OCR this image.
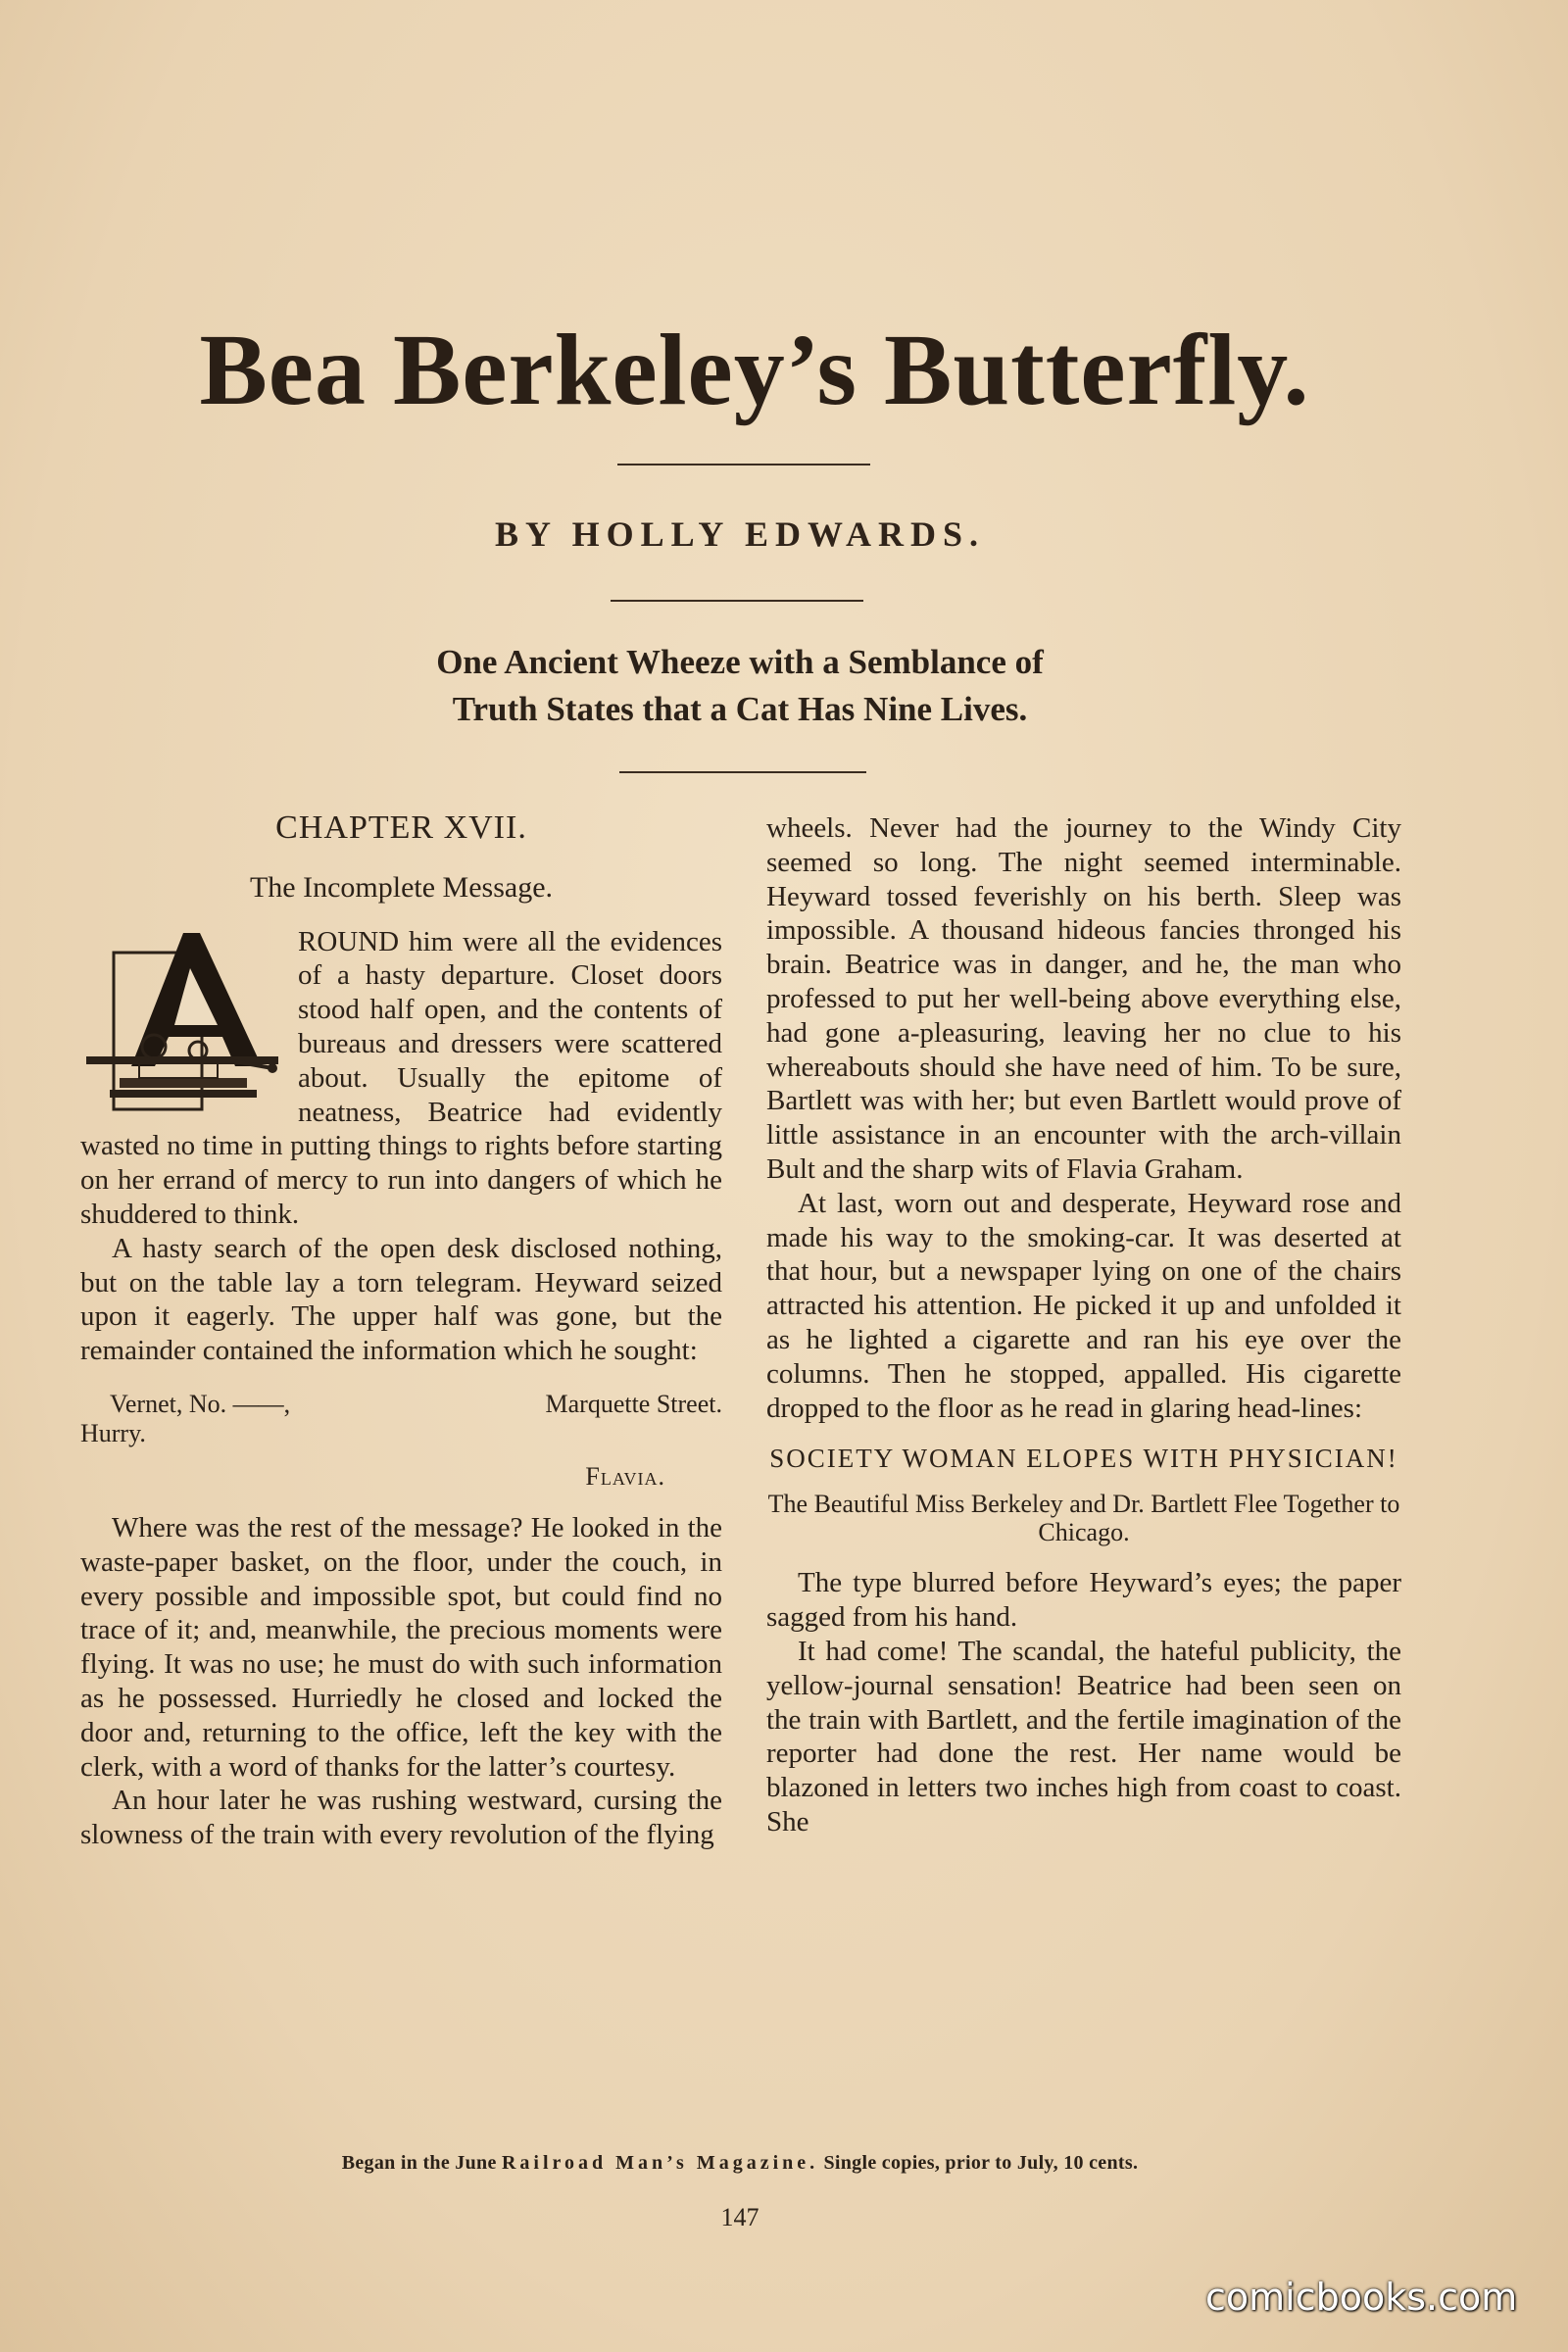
Bea Berkeley’s Butterfly.
BY HOLLY EDWARDS.
One Ancient Wheeze with a Semblance of
Truth States that a Cat Has Nine Lives.
CHAPTER XVII.
The Incomplete Message.

ROUND him were all the evidences of a hasty departure. Closet doors stood half open, and the contents of bureaus and dressers were scattered about. Usually the epitome of neatness, Beatrice had evidently wasted no time in putting things to rights before starting on her errand of mercy to run into dangers of which he shuddered to think.

A hasty search of the open desk disclosed nothing, but on the table lay a torn telegram. Heyward seized upon it eagerly. The upper half was gone, but the remainder contained the information which he sought:

Vernet, No. ——,	Marquette Street.
Hurry.
Flavia.

Where was the rest of the message? He looked in the waste-paper basket, on the floor, under the couch, in every possible and impossible spot, but could find no trace of it; and, meanwhile, the precious moments were flying. It was no use; he must do with such information as he possessed. Hurriedly he closed and locked the door and, returning to the office, left the key with the clerk, with a word of thanks for the latter’s courtesy.

An hour later he was rushing westward, cursing the slowness of the train with every revolution of the flying

wheels. Never had the journey to the Windy City seemed so long. The night seemed interminable. Heyward tossed feverishly on his berth. Sleep was impossible. A thousand hideous fancies thronged his brain. Beatrice was in danger, and he, the man who professed to put her well-being above everything else, had gone a-pleasuring, leaving her no clue to his whereabouts should she have need of him. To be sure, Bartlett was with her; but even Bartlett would prove of little assistance in an encounter with the arch-villain Bult and the sharp wits of Flavia Graham.

At last, worn out and desperate, Heyward rose and made his way to the smoking-car. It was deserted at that hour, but a newspaper lying on one of the chairs attracted his attention. He picked it up and unfolded it as he lighted a cigarette and ran his eye over the columns. Then he stopped, appalled. His cigarette dropped to the floor as he read in glaring head-lines:

SOCIETY WOMAN ELOPES WITH PHYSICIAN!
The Beautiful Miss Berkeley and Dr. Bartlett Flee Together to Chicago.

The type blurred before Heyward’s eyes; the paper sagged from his hand.

It had come! The scandal, the hateful publicity, the yellow-journal sensation! Beatrice had been seen on the train with Bartlett, and the fertile imagination of the reporter had done the rest. Her name would be blazoned in letters two inches high from coast to coast. She

Began in the June Railroad Man’s Magazine. Single copies, prior to July, 10 cents.
147
comicbooks.com
